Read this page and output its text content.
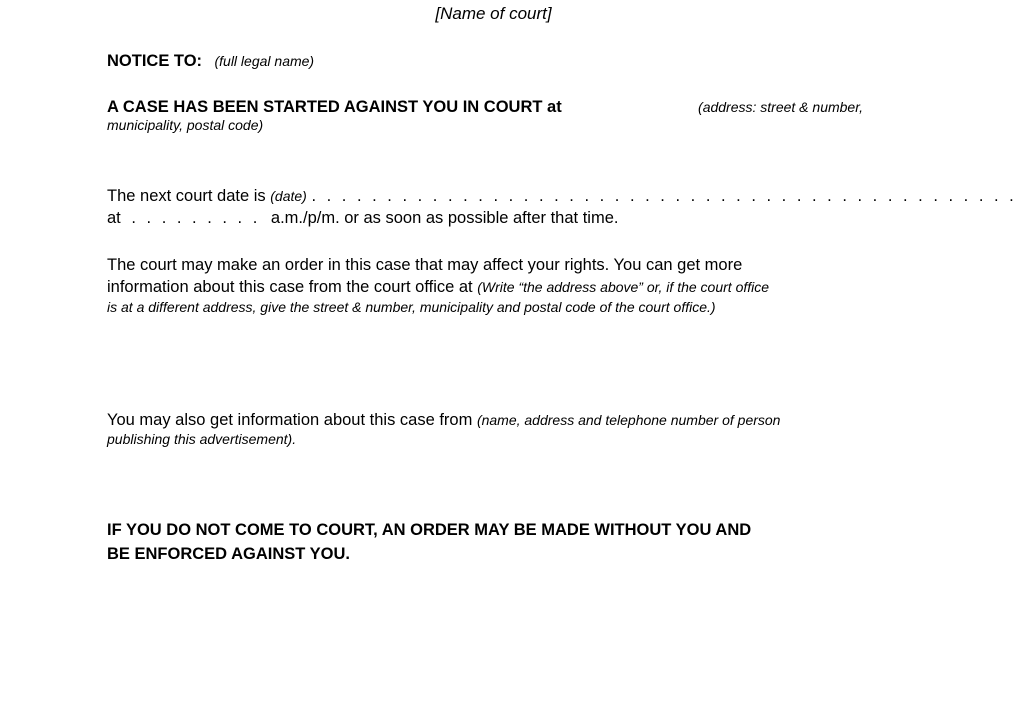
[Name of court]
NOTICE TO: (full legal name)
A CASE HAS BEEN STARTED AGAINST YOU IN COURT at	(address: street & number,
municipality, postal code)
The next court date is (date) . . . . . . . . . . . . . . . . . . . . . . . . . . . . . . . . . . . . . . . . . . . . . . .
at . . . . . . . . . a.m./p/m. or as soon as possible after that time.
The court may make an order in this case that may affect your rights. You can get more
information about this case from the court office at (Write “the address above” or, if the court office
is at a different address, give the street & number, municipality and postal code of the court office.)
You may also get information about this case from (name, address and telephone number of person
publishing this advertisement).
IF YOU DO NOT COME TO COURT, AN ORDER MAY BE MADE WITHOUT YOU AND
BE ENFORCED AGAINST YOU.
